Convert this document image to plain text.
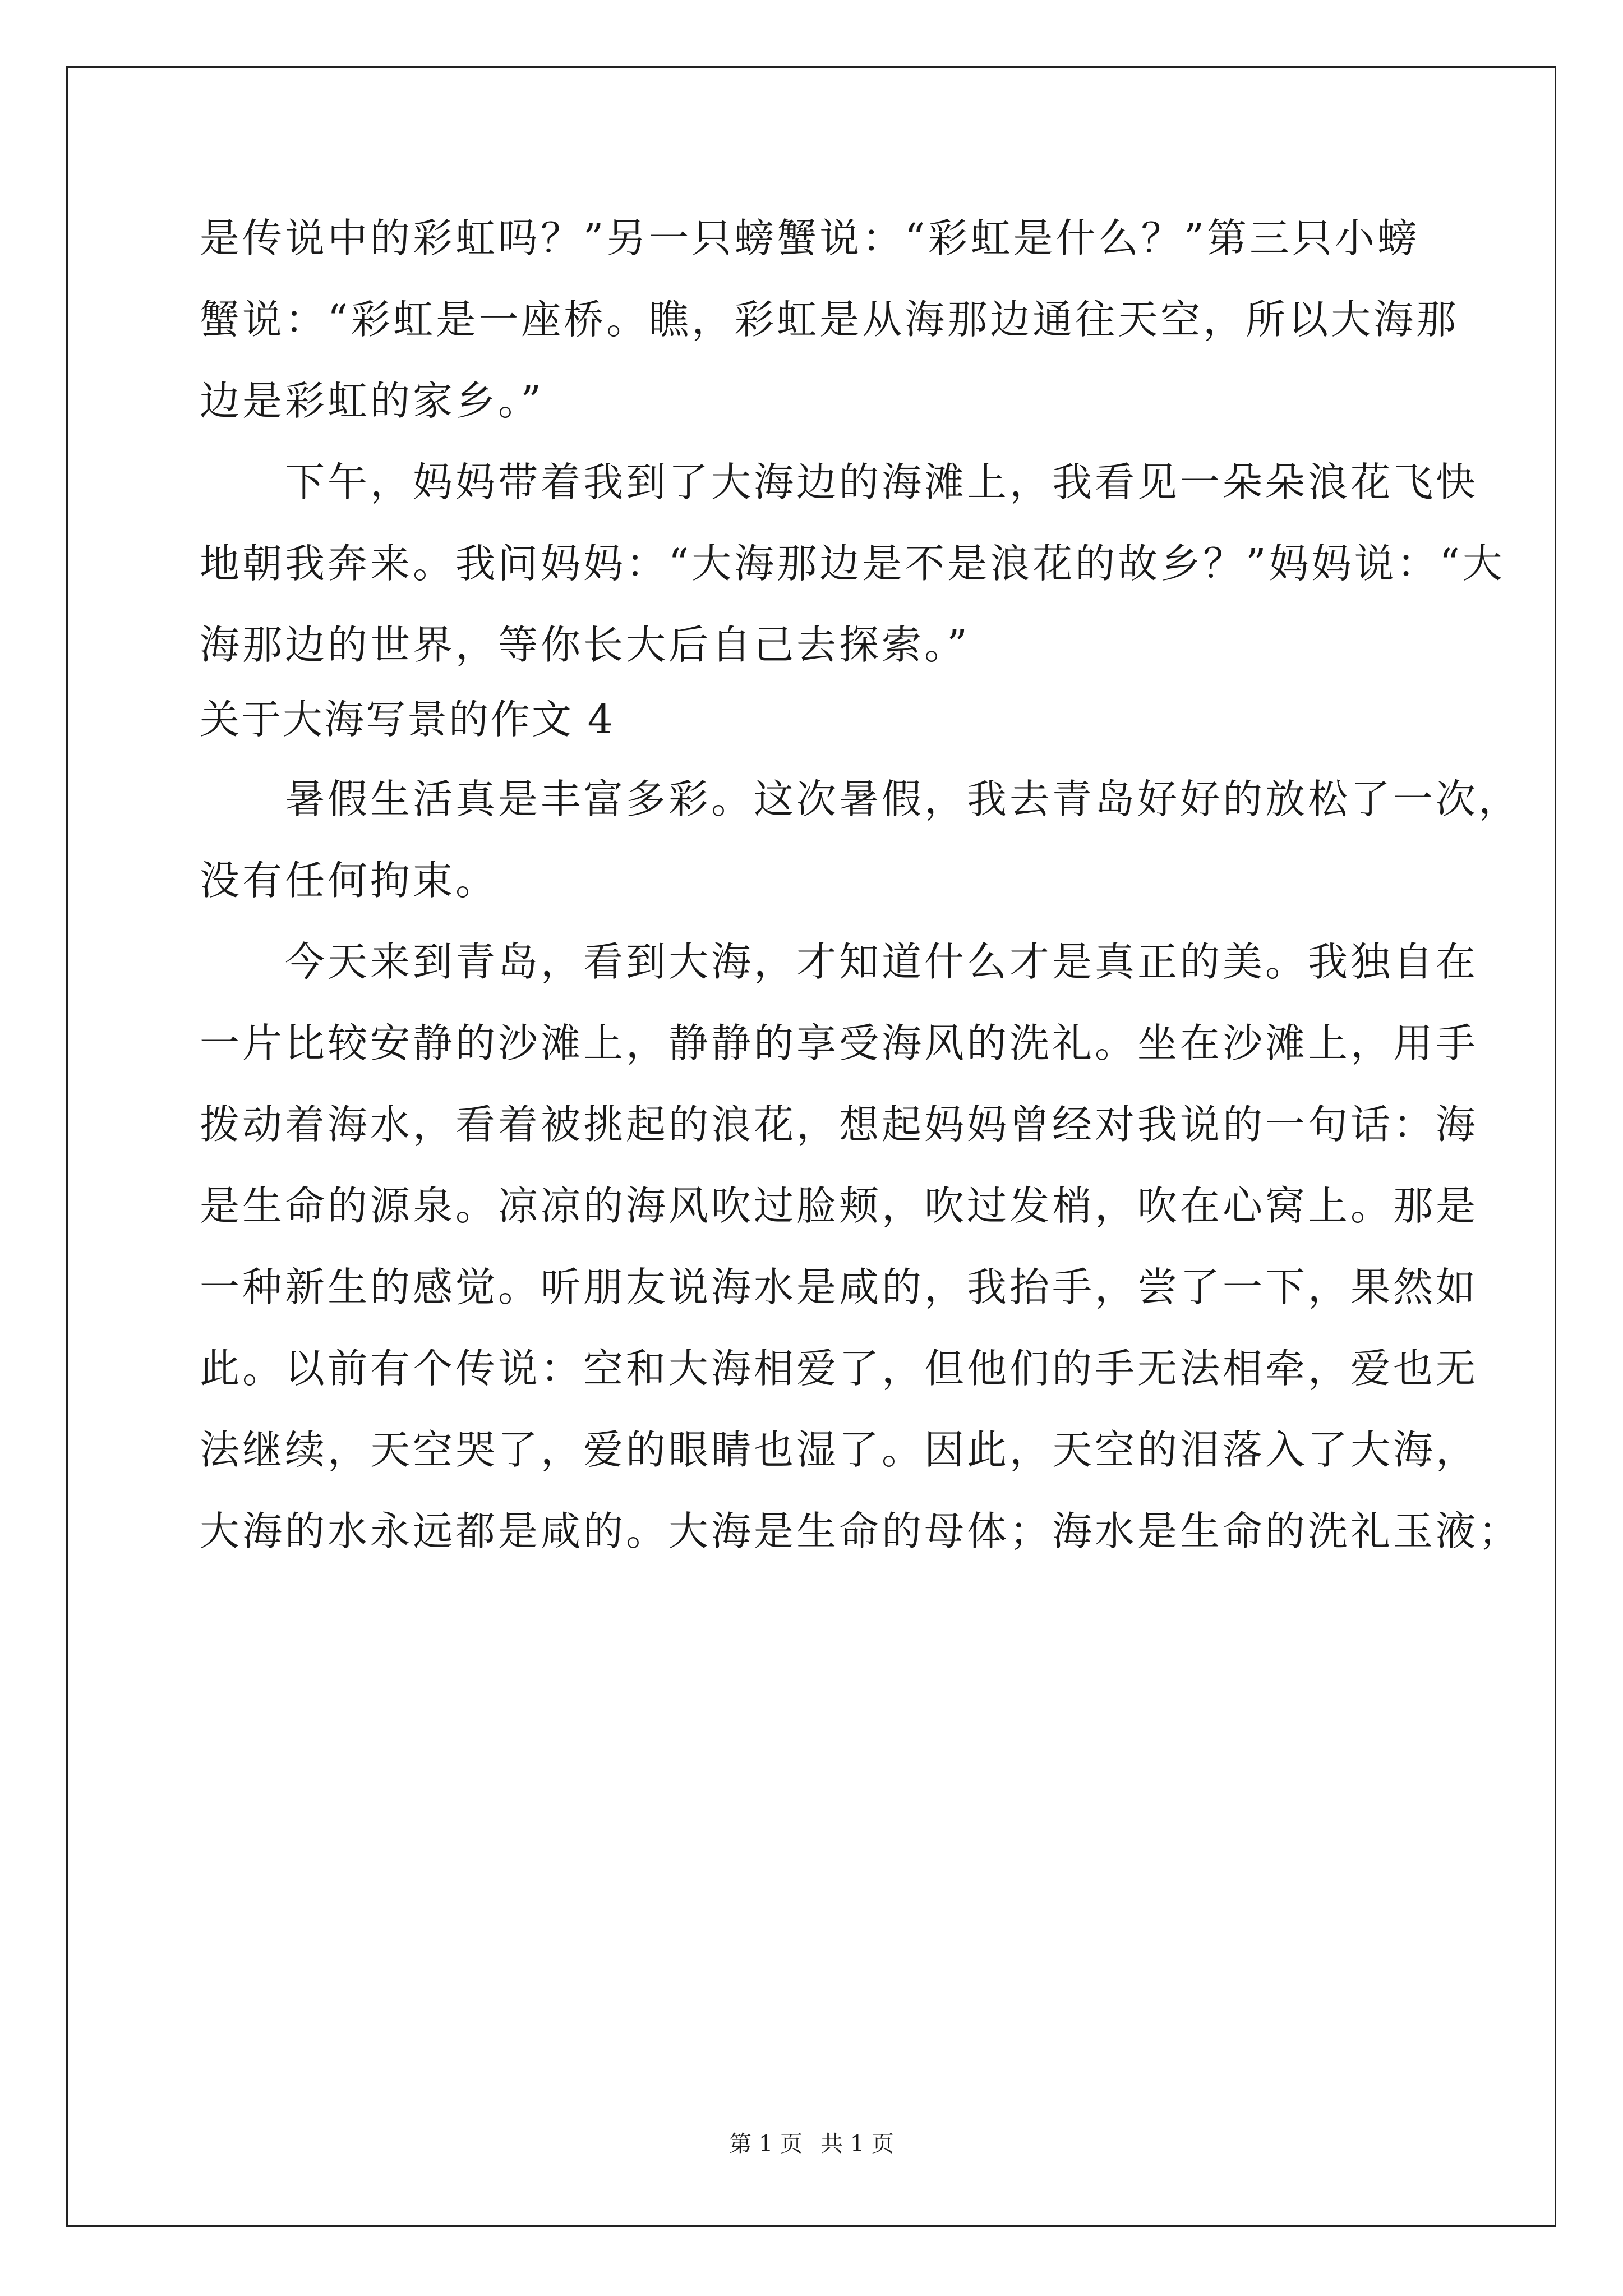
是传说中的彩虹吗？”另一只螃蟹说：“彩虹是什么？”第三只小螃
蟹说：“彩虹是一座桥。瞧，彩虹是从海那边通往天空，所以大海那
边是彩虹的家乡。”
　　下午，妈妈带着我到了大海边的海滩上，我看见一朵朵浪花飞快
地朝我奔来。我问妈妈：“大海那边是不是浪花的故乡？”妈妈说：“大
海那边的世界，等你长大后自己去探索。”
关于大海写景的作文 4
　　暑假生活真是丰富多彩。这次暑假，我去青岛好好的放松了一次，
没有任何拘束。
　　今天来到青岛，看到大海，才知道什么才是真正的美。我独自在
一片比较安静的沙滩上，静静的享受海风的洗礼。坐在沙滩上，用手
拨动着海水，看着被挑起的浪花，想起妈妈曾经对我说的一句话：海
是生命的源泉。凉凉的海风吹过脸颊，吹过发梢，吹在心窝上。那是
一种新生的感觉。听朋友说海水是咸的，我抬手，尝了一下，果然如
此。以前有个传说：空和大海相爱了，但他们的手无法相牵，爱也无
法继续，天空哭了，爱的眼睛也湿了。因此，天空的泪落入了大海，
大海的水永远都是咸的。大海是生命的母体；海水是生命的洗礼玉液；
第 1 页 共 1 页
